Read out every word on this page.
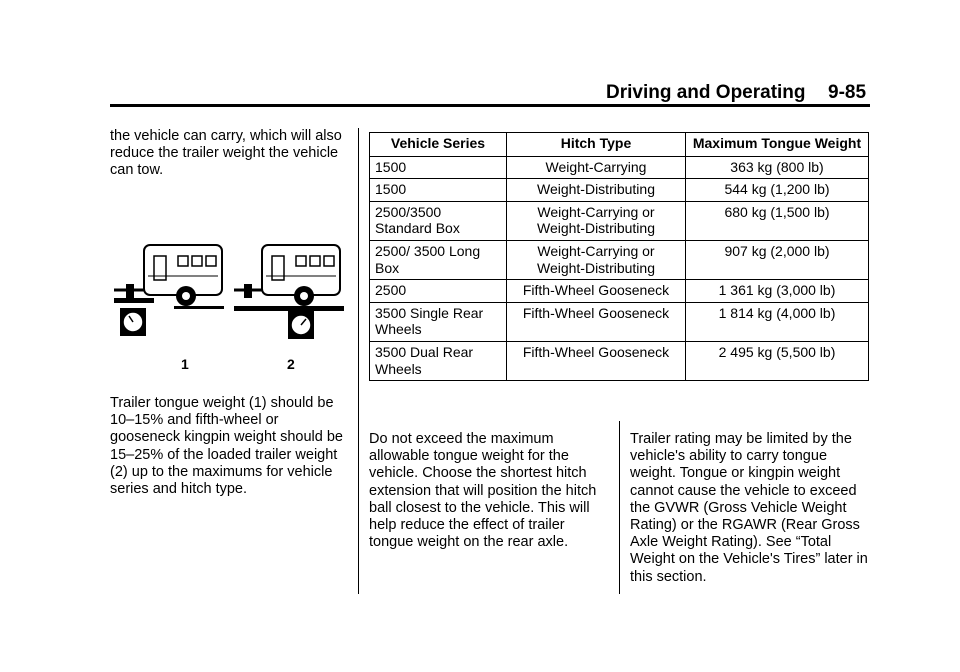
Driving and Operating 9-85
the vehicle can carry, which will also reduce the trailer weight the vehicle can tow.
1	2
Trailer tongue weight (1) should be 10–15% and fifth-wheel or gooseneck kingpin weight should be 15–25% of the loaded trailer weight (2) up to the maximums for vehicle series and hitch type.
Vehicle Series	Hitch Type	Maximum Tongue Weight
1500	Weight-Carrying	363 kg (800 lb)
1500	Weight-Distributing	544 kg (1,200 lb)
2500/3500 Standard Box	Weight-Carrying or Weight-Distributing	680 kg (1,500 lb)
2500/ 3500 Long Box	Weight-Carrying or Weight-Distributing	907 kg (2,000 lb)
2500	Fifth-Wheel Gooseneck	1 361 kg (3,000 lb)
3500 Single Rear Wheels	Fifth-Wheel Gooseneck	1 814 kg (4,000 lb)
3500 Dual Rear Wheels	Fifth-Wheel Gooseneck	2 495 kg (5,500 lb)
Do not exceed the maximum allowable tongue weight for the vehicle. Choose the shortest hitch extension that will position the hitch ball closest to the vehicle. This will help reduce the effect of trailer tongue weight on the rear axle.
Trailer rating may be limited by the vehicle's ability to carry tongue weight. Tongue or kingpin weight cannot cause the vehicle to exceed the GVWR (Gross Vehicle Weight Rating) or the RGAWR (Rear Gross Axle Weight Rating). See “Total Weight on the Vehicle's Tires” later in this section.
